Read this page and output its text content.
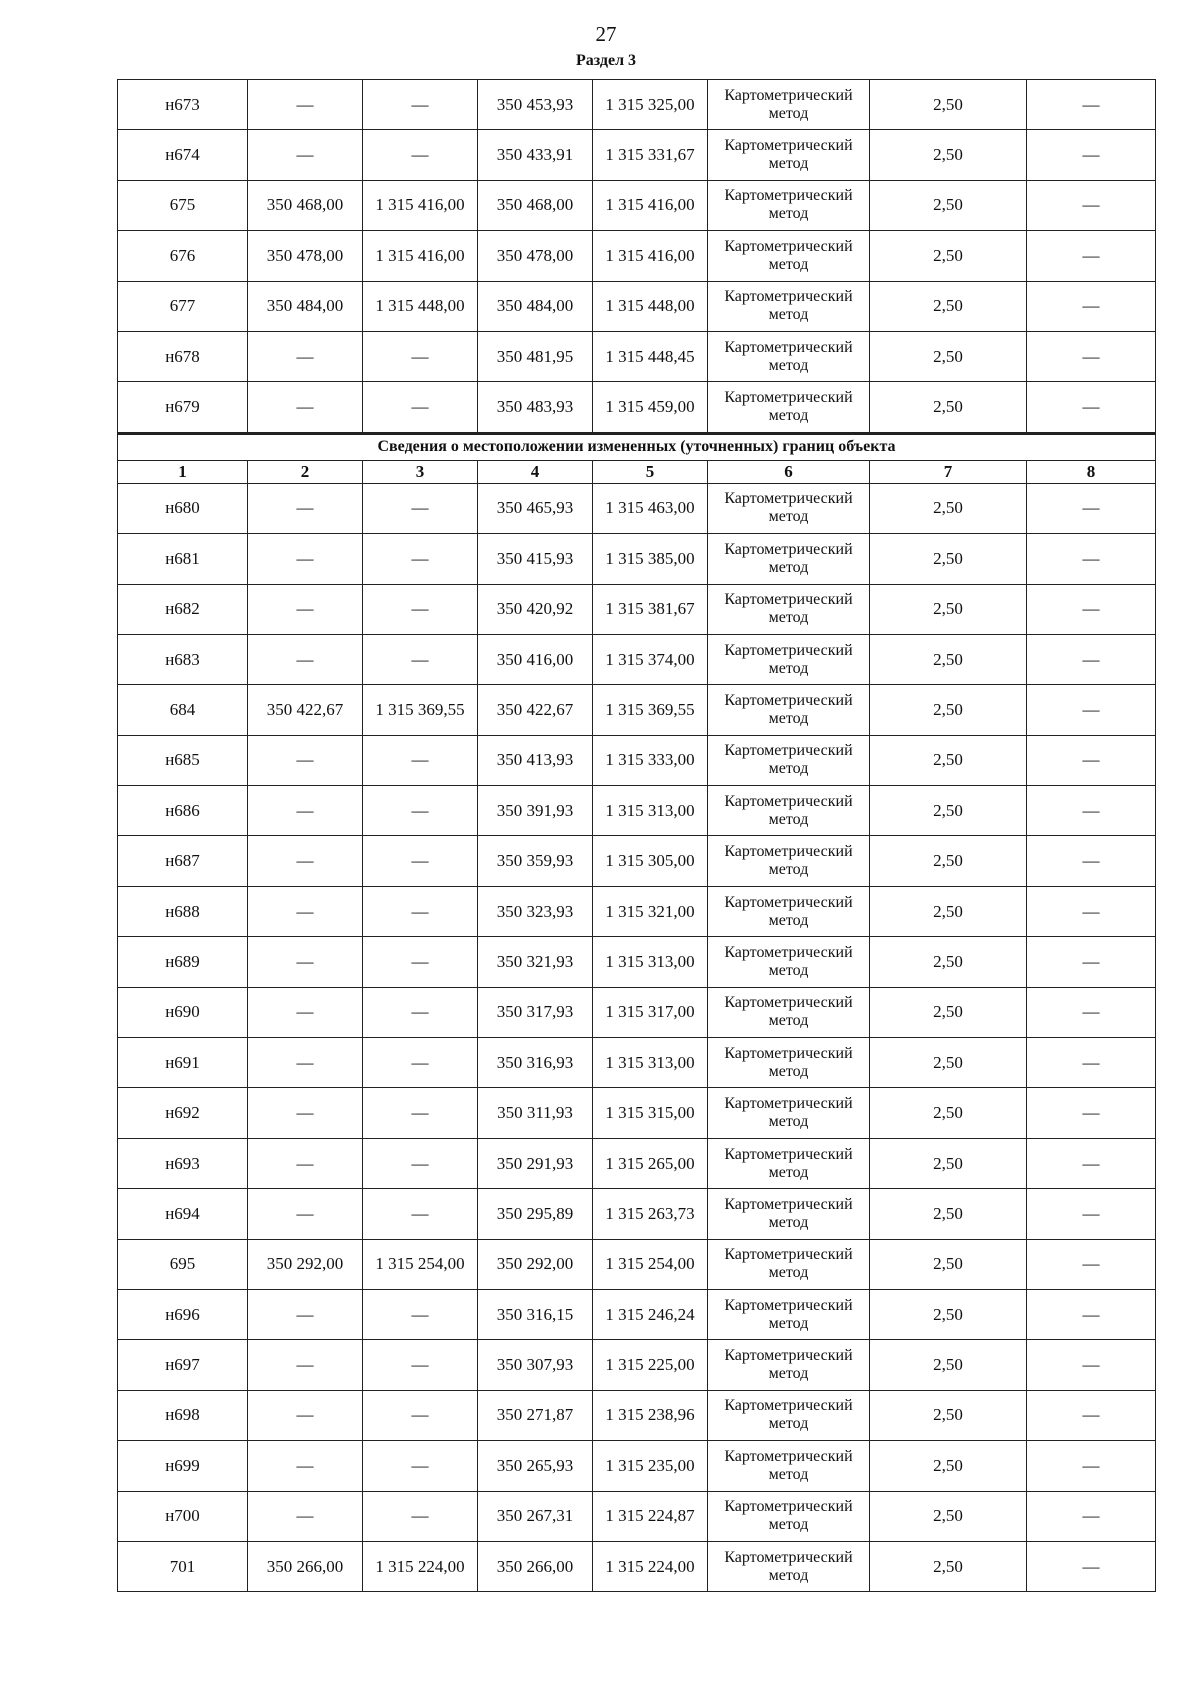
27
Раздел 3
н673	—	—	350 453,93	1 315 325,00	Картометрический метод	2,50	—
н674	—	—	350 433,91	1 315 331,67	Картометрический метод	2,50	—
675	350 468,00	1 315 416,00	350 468,00	1 315 416,00	Картометрический метод	2,50	—
676	350 478,00	1 315 416,00	350 478,00	1 315 416,00	Картометрический метод	2,50	—
677	350 484,00	1 315 448,00	350 484,00	1 315 448,00	Картометрический метод	2,50	—
н678	—	—	350 481,95	1 315 448,45	Картометрический метод	2,50	—
н679	—	—	350 483,93	1 315 459,00	Картометрический метод	2,50	—
Сведения о местоположении измененных (уточненных) границ объекта							
1	2	3	4	5	6	7	8
н680	—	—	350 465,93	1 315 463,00	Картометрический метод	2,50	—
н681	—	—	350 415,93	1 315 385,00	Картометрический метод	2,50	—
н682	—	—	350 420,92	1 315 381,67	Картометрический метод	2,50	—
н683	—	—	350 416,00	1 315 374,00	Картометрический метод	2,50	—
684	350 422,67	1 315 369,55	350 422,67	1 315 369,55	Картометрический метод	2,50	—
н685	—	—	350 413,93	1 315 333,00	Картометрический метод	2,50	—
н686	—	—	350 391,93	1 315 313,00	Картометрический метод	2,50	—
н687	—	—	350 359,93	1 315 305,00	Картометрический метод	2,50	—
н688	—	—	350 323,93	1 315 321,00	Картометрический метод	2,50	—
н689	—	—	350 321,93	1 315 313,00	Картометрический метод	2,50	—
н690	—	—	350 317,93	1 315 317,00	Картометрический метод	2,50	—
н691	—	—	350 316,93	1 315 313,00	Картометрический метод	2,50	—
н692	—	—	350 311,93	1 315 315,00	Картометрический метод	2,50	—
н693	—	—	350 291,93	1 315 265,00	Картометрический метод	2,50	—
н694	—	—	350 295,89	1 315 263,73	Картометрический метод	2,50	—
695	350 292,00	1 315 254,00	350 292,00	1 315 254,00	Картометрический метод	2,50	—
н696	—	—	350 316,15	1 315 246,24	Картометрический метод	2,50	—
н697	—	—	350 307,93	1 315 225,00	Картометрический метод	2,50	—
н698	—	—	350 271,87	1 315 238,96	Картометрический метод	2,50	—
н699	—	—	350 265,93	1 315 235,00	Картометрический метод	2,50	—
н700	—	—	350 267,31	1 315 224,87	Картометрический метод	2,50	—
701	350 266,00	1 315 224,00	350 266,00	1 315 224,00	Картометрический метод	2,50	—
